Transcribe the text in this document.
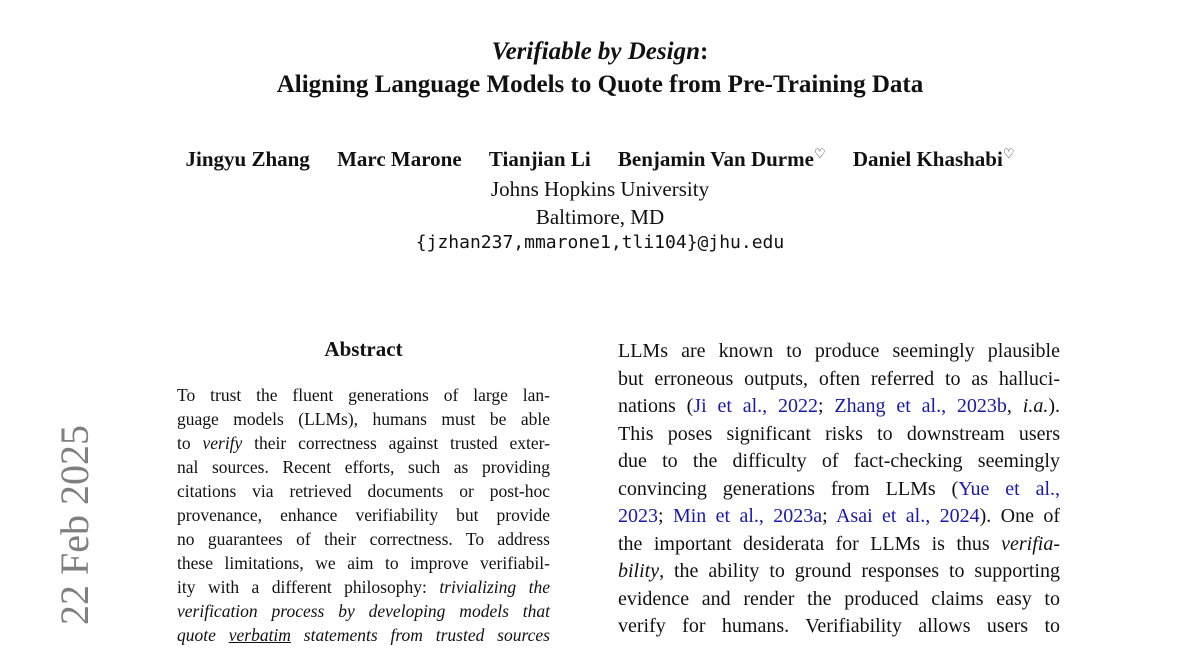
Verifiable by Design:
Aligning Language Models to Quote from Pre-Training Data
Jingyu Zhang Marc Marone Tianjian Li Benjamin Van Durme♡ Daniel Khashabi♡
Johns Hopkins University
Baltimore, MD
{jzhan237,mmarone1,tli104}@jhu.edu
22 Feb 2025
Abstract
To trust the fluent generations of large lan-
guage models (LLMs), humans must be able
to verify their correctness against trusted exter-
nal sources. Recent efforts, such as providing
citations via retrieved documents or post-hoc
provenance, enhance verifiability but provide
no guarantees of their correctness. To address
these limitations, we aim to improve verifiabil-
ity with a different philosophy: trivializing the
verification process by developing models that
quote verbatim statements from trusted sources
LLMs are known to produce seemingly plausible
but erroneous outputs, often referred to as halluci-
nations (Ji et al., 2022; Zhang et al., 2023b, i.a.).
This poses significant risks to downstream users
due to the difficulty of fact-checking seemingly
convincing generations from LLMs (Yue et al.,
2023; Min et al., 2023a; Asai et al., 2024). One of
the important desiderata for LLMs is thus verifia-
bility, the ability to ground responses to supporting
evidence and render the produced claims easy to
verify for humans. Verifiability allows users to
